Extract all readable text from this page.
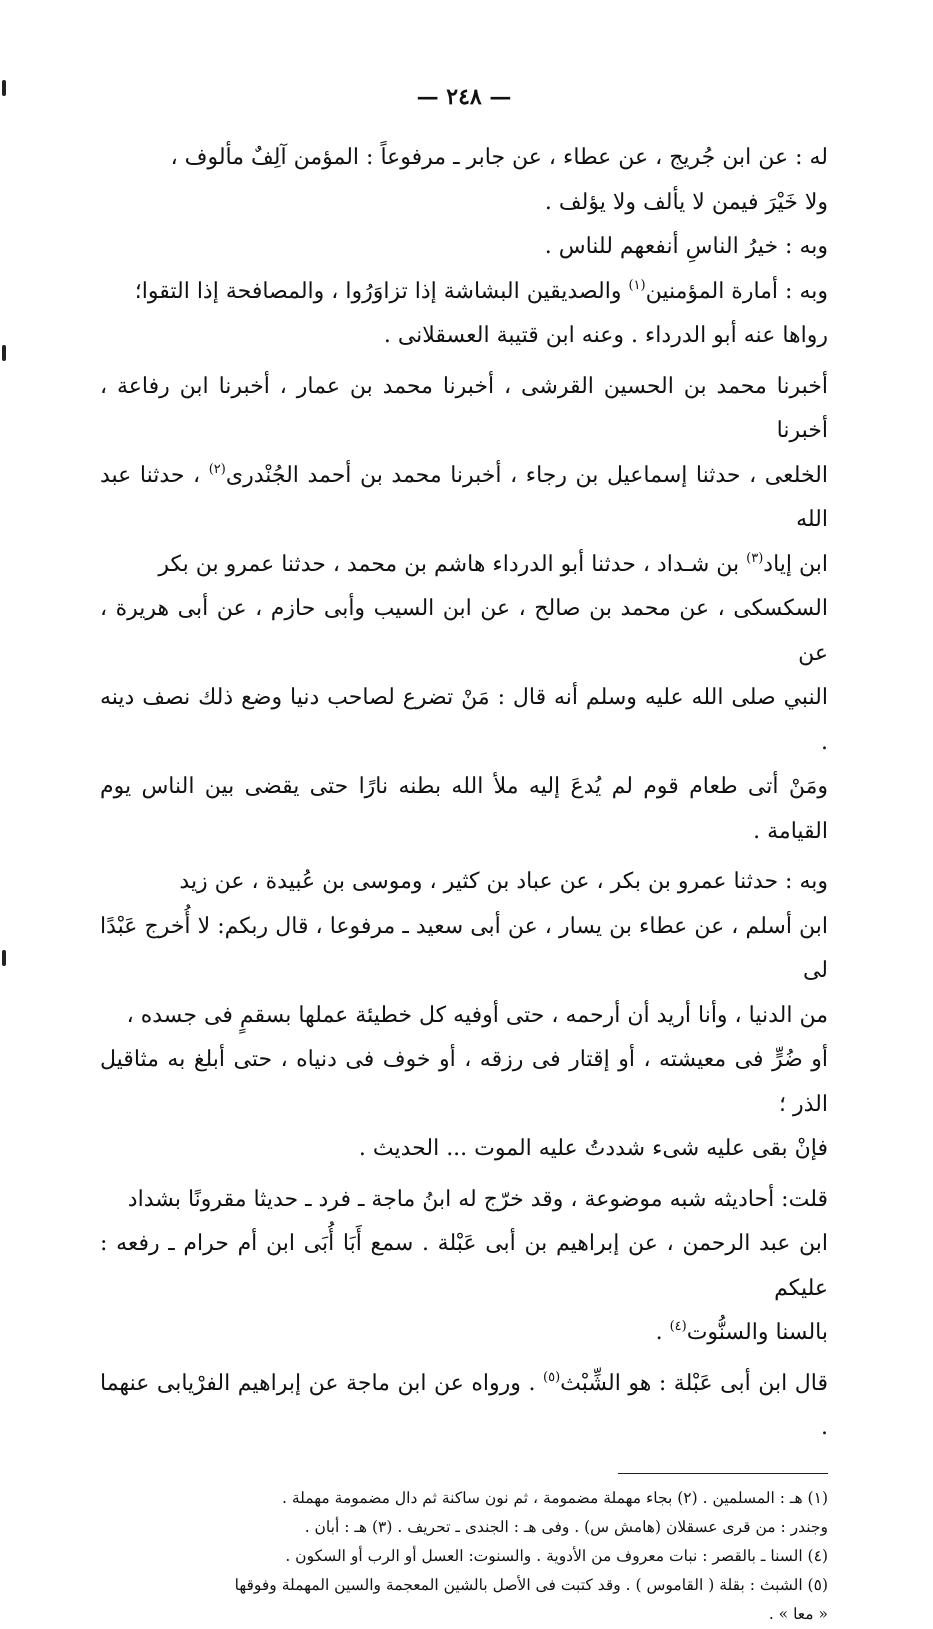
— ٢٤٨ —

له : عن ابن جُريج ، عن عطاء ، عن جابر ـ مرفوعاً : المؤمن آلِفٌ مألوف ،
ولا خَيْرَ فيمن لا يألف ولا يؤلف .

وبه : خيرُ الناسِ أنفعهم للناس .

وبه : أمارة المؤمنين$^{(١)}$ والصديقين البشاشة إذا تزاوَرُوا ، والمصافحة إذا التقوا؛
رواها عنه أبو الدرداء . وعنه ابن قتيبة العسقلانى .

أخبرنا محمد بن الحسين القرشى ، أخبرنا محمد بن عمار ، أخبرنا ابن رفاعة ، أخبرنا
الخلعى ، حدثنا إسماعيل بن رجاء ، أخبرنا محمد بن أحمد الجُنْدرى$^{(٢)}$ ، حدثنا عبد الله
ابن إياد$^{(٣)}$ بن شـداد ، حدثنا أبو الدرداء هاشم بن محمد ، حدثنا عمرو بن بكر
السكسكى ، عن محمد بن صالح ، عن ابن السيب وأبى حازم ، عن أبى هريرة ، عن
النبي صلى الله عليه وسلم أنه قال : مَنْ تضرع لصاحب دنيا وضع ذلك نصف دينه .
ومَنْ أتى طعام قوم لم يُدعَ إليه ملأ الله بطنه نارًا حتى يقضى بين الناس يوم القيامة .

وبه : حدثنا عمرو بن بكر ، عن عباد بن كثير ، وموسى بن عُبيدة ، عن زيد
ابن أسلم ، عن عطاء بن يسار ، عن أبى سعيد ـ مرفوعا ، قال ربكم: لا أُخرج عَبْدًا لى
من الدنيا ، وأنا أريد أن أرحمه ، حتى أوفيه كل خطيئة عملها بسقمٍ فى جسده ،
أو ضُرٍّ فى معيشته ، أو إقتار فى رزقه ، أو خوف فى دنياه ، حتى أبلغ به مثاقيل الذر ؛
فإنْ بقى عليه شىء شددتُ عليه الموت ... الحديث .

قلت: أحاديثه شبه موضوعة ، وقد خرّج له ابنُ ماجة ـ فرد ـ حديثا مقرونًا بشداد
ابن عبد الرحمن ، عن إبراهيم بن أبى عَبْلة . سمع أَبَا أُبَى ابن أم حرام ـ رفعه : عليكم
بالسنا والسنُّوت$^{(٤)}$ .

قال ابن أبى عَبْلة : هو الشِّبْث$^{(٥)}$ . ورواه عن ابن ماجة عن إبراهيم الفرْيابى عنهما .

(١) هـ : المسلمين . (٢) بجاء مهملة مضمومة ، ثم نون ساكنة ثم دال مضمومة مهملة .

وجندر : من قرى عسقلان (هامش س) . وفى هـ : الجندى ـ تحريف . (٣) هـ : أبان .

(٤) السنا ـ بالقصر : نبات معروف من الأدوية . والسنوت: العسل أو الرب أو السكون .

(٥) الشبث : بقلة ( القاموس ) . وقد كتبت فى الأصل بالشين المعجمة والسين المهملة وفوقها

« معا » .
